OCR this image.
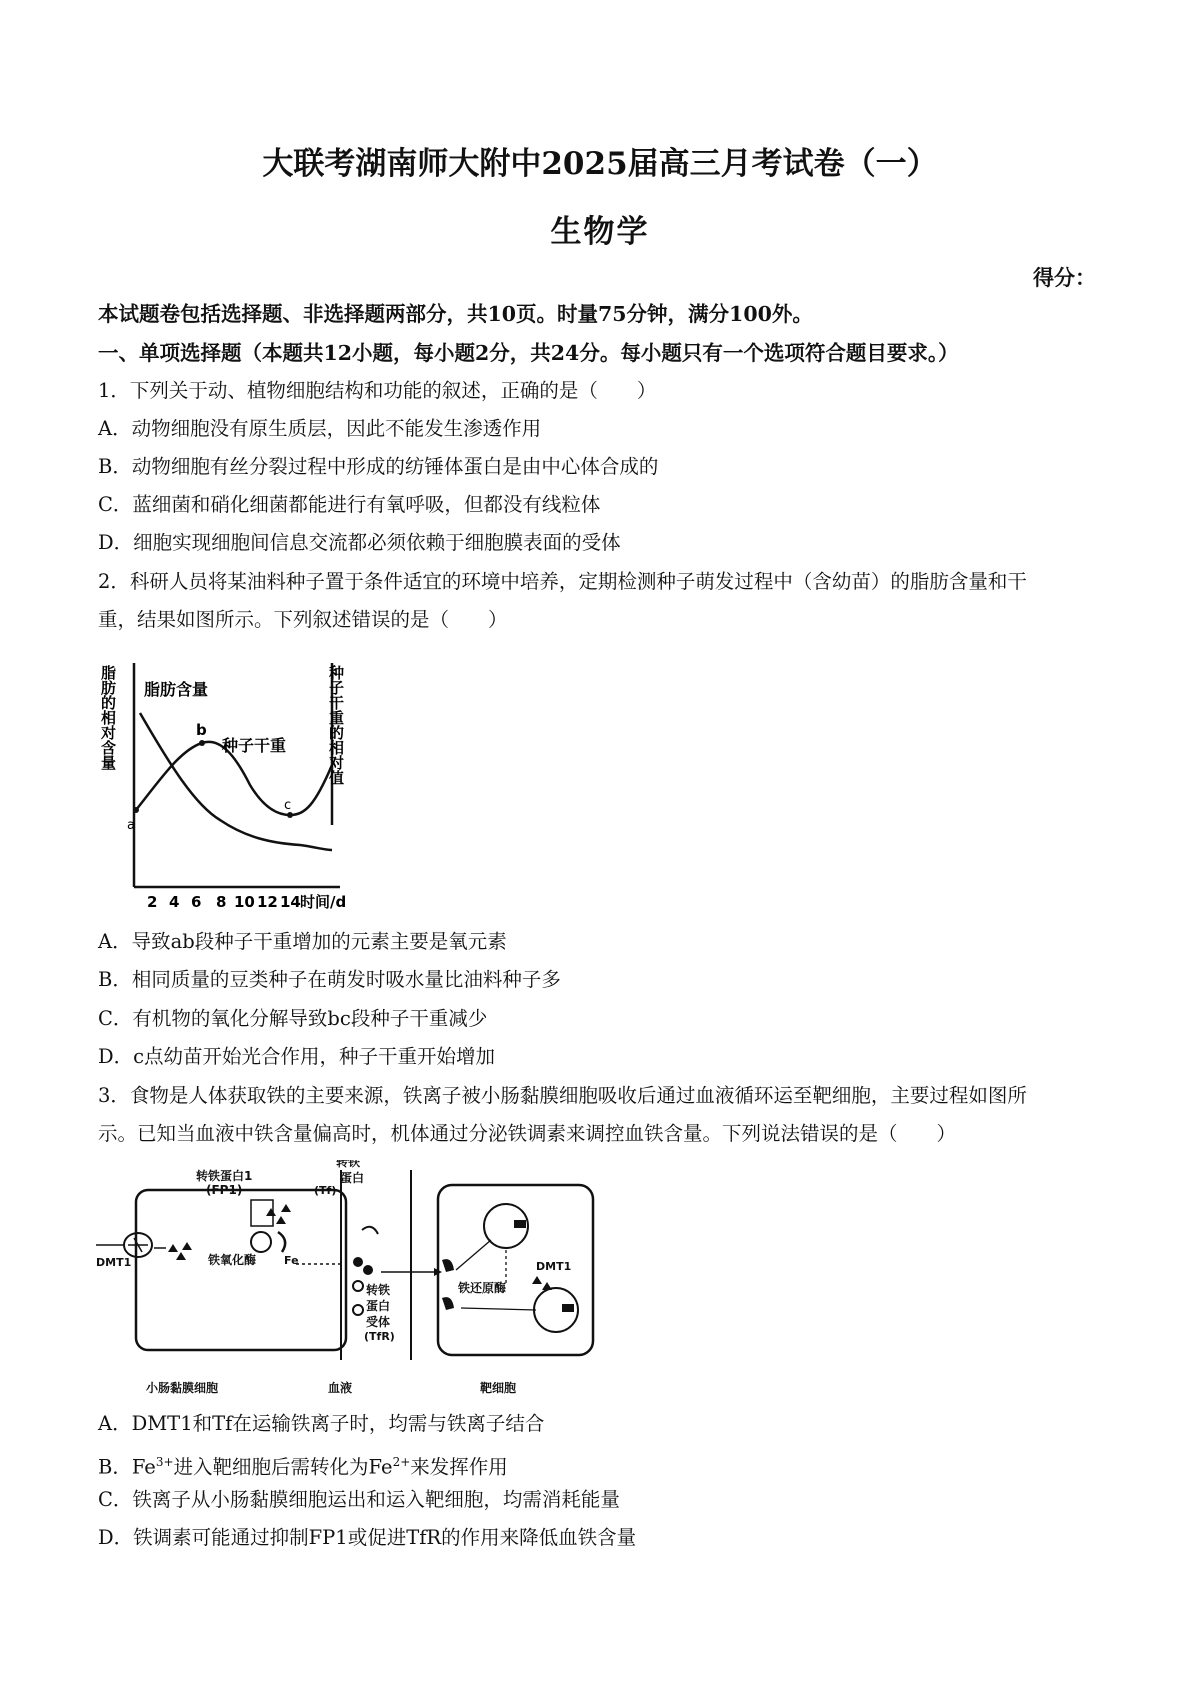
大联考湖南师大附中2025届高三月考试卷（一）
生物学
得分：
本试题卷包括选择题、非选择题两部分，共10页。时量75分钟，满分100外。
一、单项选择题（本题共12小题，每小题2分，共24分。每小题只有一个选项符合题目要求。）
1．下列关于动、植物细胞结构和功能的叙述，正确的是（　　）
A．动物细胞没有原生质层，因此不能发生渗透作用
B．动物细胞有丝分裂过程中形成的纺锤体蛋白是由中心体合成的
C．蓝细菌和硝化细菌都能进行有氧呼吸，但都没有线粒体
D．细胞实现细胞间信息交流都必须依赖于细胞膜表面的受体
2．科研人员将某油料种子置于条件适宜的环境中培养，定期检测种子萌发过程中（含幼苗）的脂肪含量和干
重，结果如图所示。下列叙述错误的是（　　）
a
b
c
脂肪含量
种子干重
脂肪的相对含量	种子干重的相对值
2 4 6 8 10 12 14 时间/d
A．导致ab段种子干重增加的元素主要是氧元素
B．相同质量的豆类种子在萌发时吸水量比油料种子多
C．有机物的氧化分解导致bc段种子干重减少
D．c点幼苗开始光合作用，种子干重开始增加
3．食物是人体获取铁的主要来源，铁离子被小肠黏膜细胞吸收后通过血液循环运至靶细胞，主要过程如图所
示。已知当血液中铁含量偏高时，机体通过分泌铁调素来调控血铁含量。下列说法错误的是（　　）
转铁蛋白1
(FP1)
DMT1	铁氧化酶	Fe
转铁
蛋白
(Tf)
转铁
蛋白
受体
(TfR)
铁还原酶
DMT1
小肠黏膜细胞	血液	靶细胞
A．DMT1和Tf在运输铁离子时，均需与铁离子结合
B．$Fe^{3+}$进入靶细胞后需转化为$Fe^{2+}$来发挥作用
C．铁离子从小肠黏膜细胞运出和运入靶细胞，均需消耗能量
D．铁调素可能通过抑制FP1或促进TfR的作用来降低血铁含量
